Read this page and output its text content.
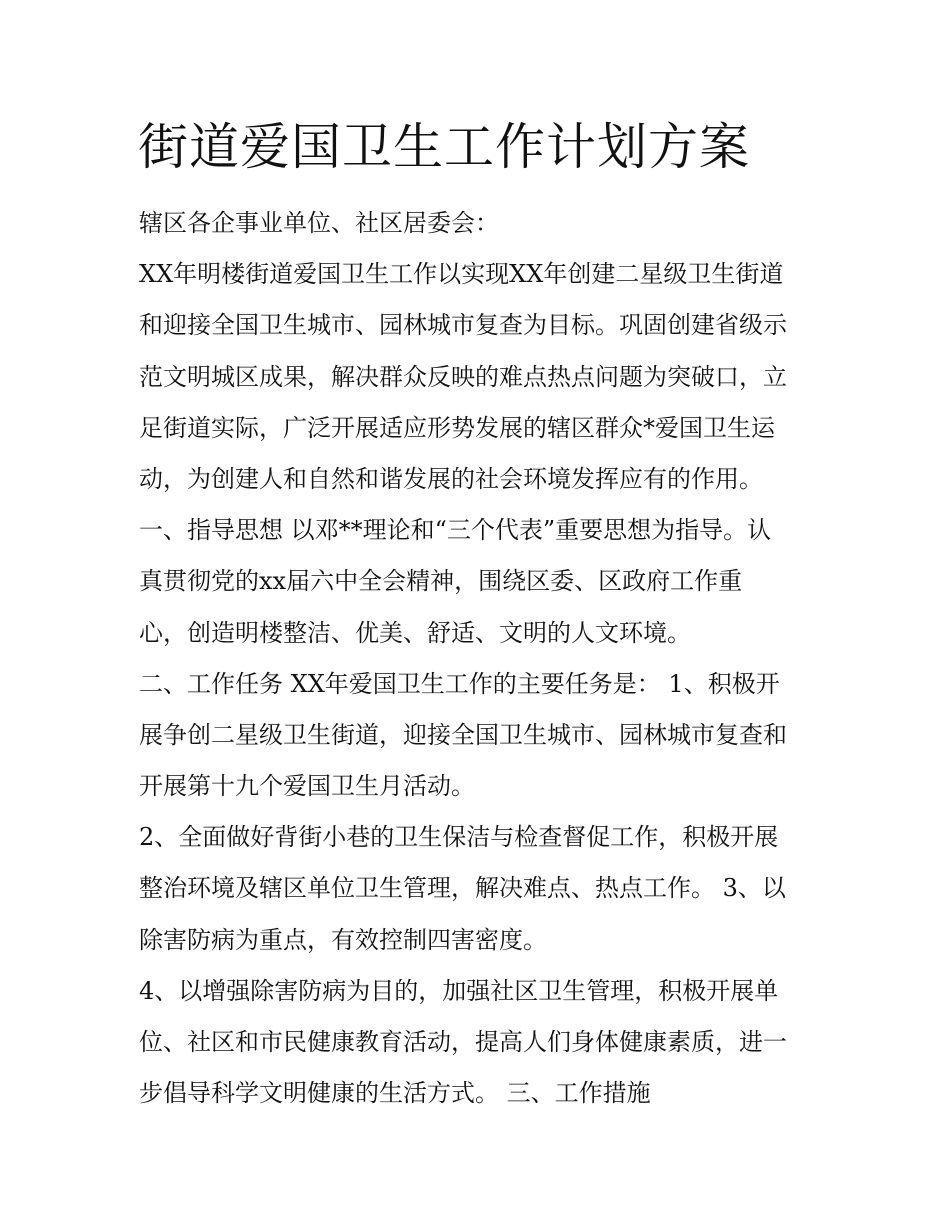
街道爱国卫生工作计划方案
辖区各企事业单位、社区居委会：
XX年明楼街道爱国卫生工作以实现XX年创建二星级卫生街道
和迎接全国卫生城市、园林城市复查为目标。巩固创建省级示
范文明城区成果，解决群众反映的难点热点问题为突破口，立
足街道实际，广泛开展适应形势发展的辖区群众*爱国卫生运
动，为创建人和自然和谐发展的社会环境发挥应有的作用。
一、指导思想 以邓**理论和“三个代表”重要思想为指导。认
真贯彻党的xx届六中全会精神，围绕区委、区政府工作重
心，创造明楼整洁、优美、舒适、文明的人文环境。
二、工作任务 XX年爱国卫生工作的主要任务是： 1、积极开
展争创二星级卫生街道，迎接全国卫生城市、园林城市复查和
开展第十九个爱国卫生月活动。
2、全面做好背街小巷的卫生保洁与检查督促工作，积极开展
整治环境及辖区单位卫生管理，解决难点、热点工作。 3、以
除害防病为重点，有效控制四害密度。
4、以增强除害防病为目的，加强社区卫生管理，积极开展单
位、社区和市民健康教育活动，提高人们身体健康素质，进一
步倡导科学文明健康的生活方式。 三、工作措施
